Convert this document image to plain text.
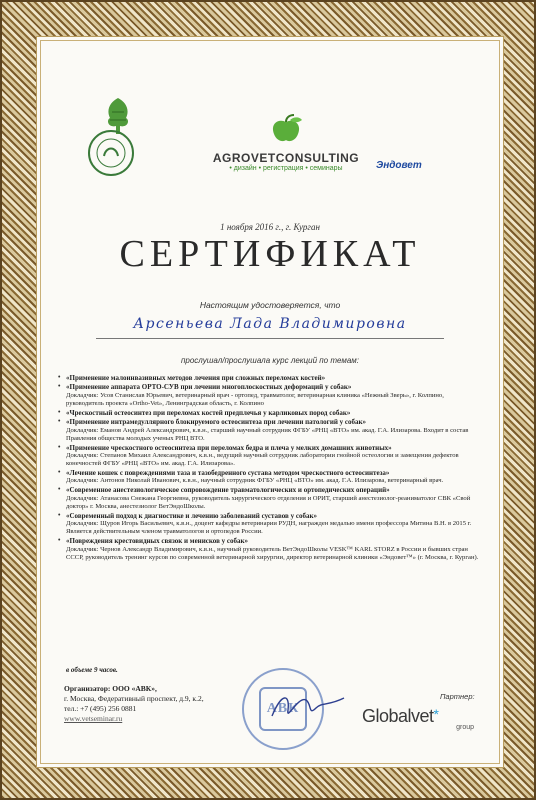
AGROVETCONSULTING
• дизайн • регистрация • семинары	Эндовет
1 ноября 2016 г., г. Курган
СЕРТИФИКАТ
Настоящим удостоверяется, что
Арсеньева Лада Владимировна
прослушал/прослушала курс лекций по темам:
• «Применение малоинвазивных методов лечения при сложных переломах костей»
• «Применение аппарата ОРТО-СУВ при лечении многоплоскостных деформаций у собак»
Докладчик: Усов Станислав Юрьевич, ветеринарный врач - ортопед, травматолог, ветеринарная клиника «Нежный Зверь», г. Колпино, руководитель проекта «Ortho-Vet», Ленинградская область, г. Колпино
• «Чрескостный остеосинтез при переломах костей предплечья у карликовых пород собак»
• «Применение интрамедуллярного блокируемого остеосинтеза при лечении патологий у собак»
Докладчик: Еманов Андрей Александрович, к.в.н., старший научный сотрудник ФГБУ «РНЦ «ВТО» им. акад. Г.А. Илизарова. Входит в состав Правления общества молодых ученых РНЦ ВТО.
• «Применение чрескостного остеосинтеза при переломах бедра и плеча у мелких домашних животных»
Докладчик: Степанов Михаил Александрович, к.в.н., ведущий научный сотрудник лаборатории гнойной остеологии и замещения дефектов конечностей ФГБУ «РНЦ «ВТО» им. акад. Г.А. Илизарова».
• «Лечение кошек с повреждениями таза и тазобедренного сустава методом чрескостного остеосинтеза»
Докладчик: Антонов Николай Иванович, к.в.н., научный сотрудник ФГБУ «РНЦ «ВТО» им. акад. Г.А. Илизарова, ветеринарный врач.
• «Современное анестезиологическое сопровождение травматологических и ортопедических операций»
Докладчик: Атанасова Снежана Георгиевна, руководитель хирургического отделения и ОРИТ, старший анестезиолог-реаниматолог СВК «Свой доктор» г. Москва, анестезиолог ВетЭндоШколы.
• «Современный подход к диагностике и лечению заболеваний суставов у собак»
Докладчик: Щуров Игорь Васильевич, к.в.н., доцент кафедры ветеринарии РУДН, награжден медалью имени профессора Митина В.Н. в 2015 г. Является действительным членом травматологов и ортопедов России.
• «Повреждения крестовидных связок и менисков у собак»
Докладчик: Чернов Александр Владимирович, к.в.н., научный руководитель ВетЭндоШколы VESK™ KARL STORZ в России и бывших стран СССР, руководитель тренинг курсов по современной ветеринарной хирургии, директор ветеринарной клиники «Эндовет™» (г. Москва, г. Курган).
в объеме 9 часов.
Организатор: ООО «АВК»,
г. Москва, Федеративный проспект, д.9, к.2,
тел.: +7 (495) 256 0881
www.vetseminar.ru
АВК
Партнер:
Globalvet*
group
